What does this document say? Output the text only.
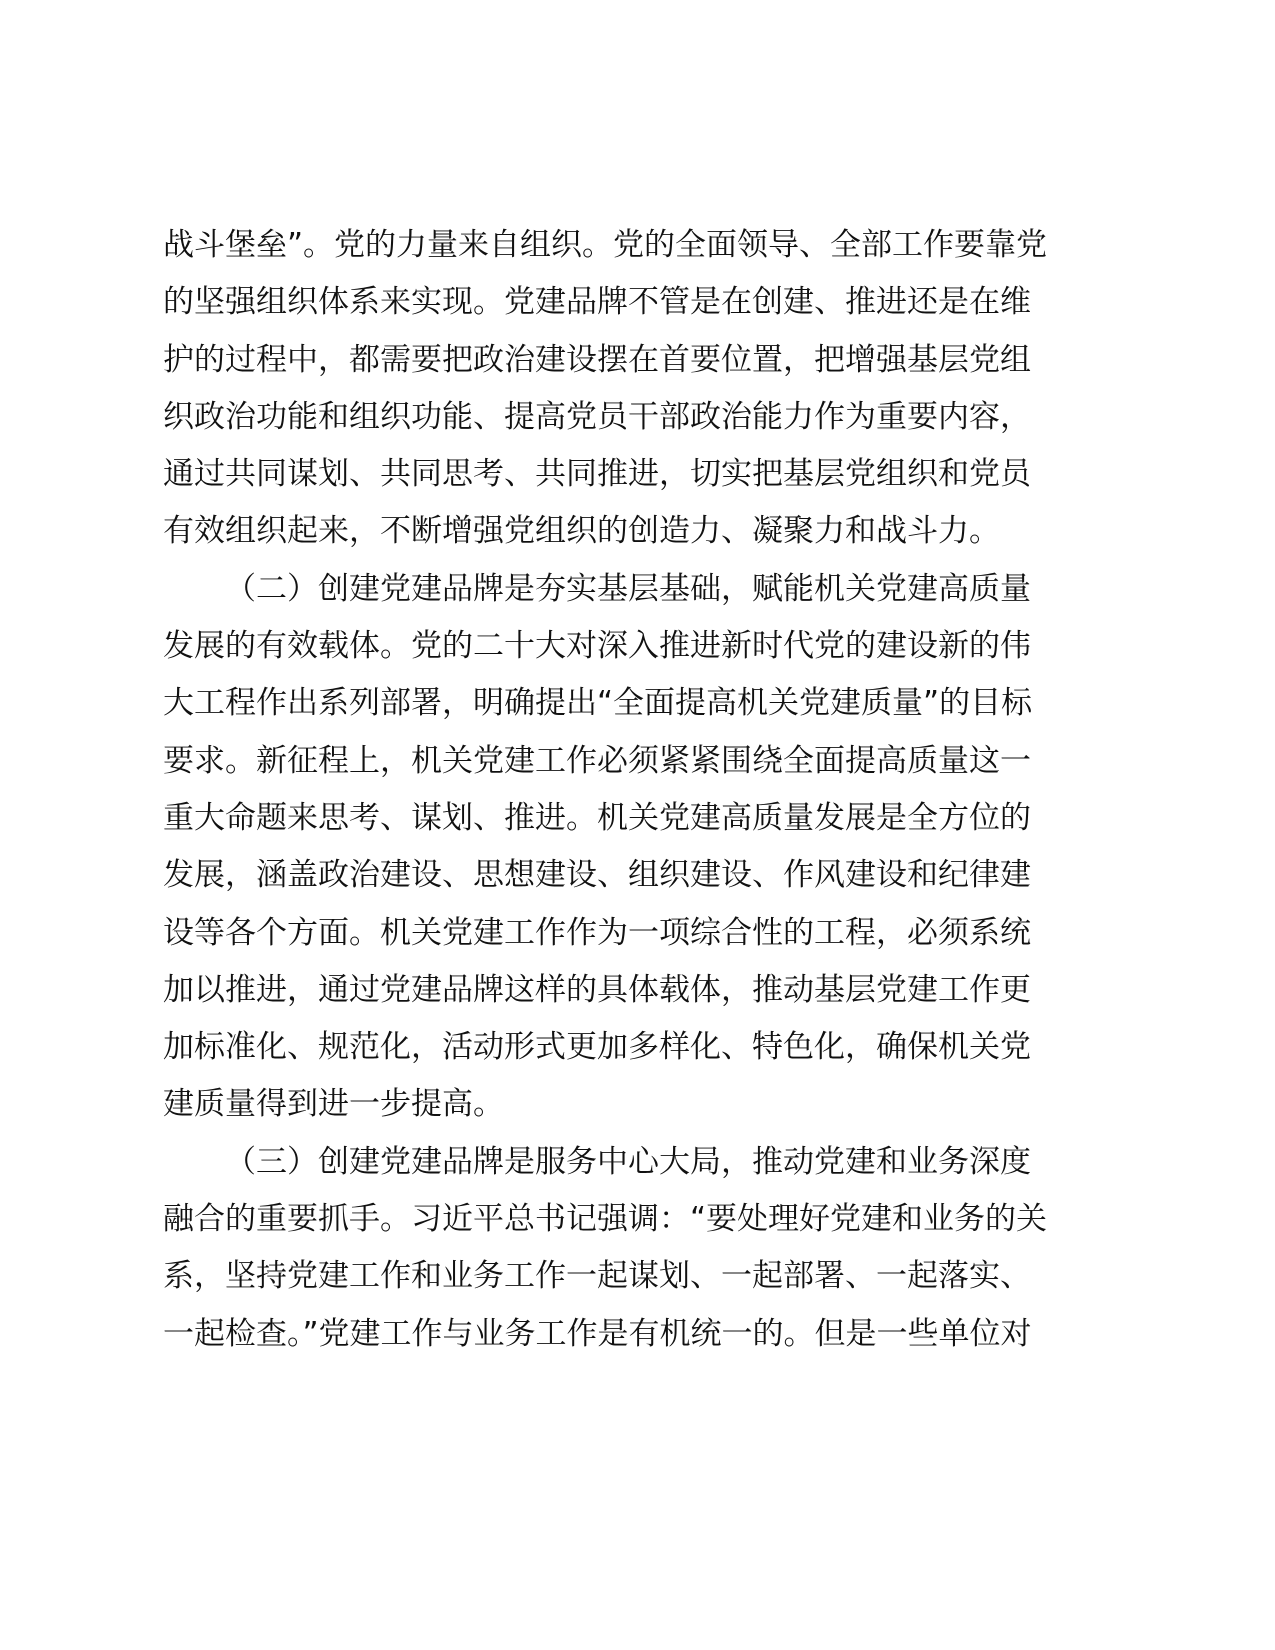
战斗堡垒”。党的力量来自组织。党的全面领导、全部工作要靠党
的坚强组织体系来实现。党建品牌不管是在创建、推进还是在维
护的过程中，都需要把政治建设摆在首要位置，把增强基层党组
织政治功能和组织功能、提高党员干部政治能力作为重要内容，
通过共同谋划、共同思考、共同推进，切实把基层党组织和党员
有效组织起来，不断增强党组织的创造力、凝聚力和战斗力。
（二）创建党建品牌是夯实基层基础，赋能机关党建高质量
发展的有效载体。党的二十大对深入推进新时代党的建设新的伟
大工程作出系列部署，明确提出“全面提高机关党建质量”的目标
要求。新征程上，机关党建工作必须紧紧围绕全面提高质量这一
重大命题来思考、谋划、推进。机关党建高质量发展是全方位的
发展，涵盖政治建设、思想建设、组织建设、作风建设和纪律建
设等各个方面。机关党建工作作为一项综合性的工程，必须系统
加以推进，通过党建品牌这样的具体载体，推动基层党建工作更
加标准化、规范化，活动形式更加多样化、特色化，确保机关党
建质量得到进一步提高。
（三）创建党建品牌是服务中心大局，推动党建和业务深度
融合的重要抓手。习近平总书记强调：“要处理好党建和业务的关
系，坚持党建工作和业务工作一起谋划、一起部署、一起落实、
一起检查。”党建工作与业务工作是有机统一的。但是一些单位对
